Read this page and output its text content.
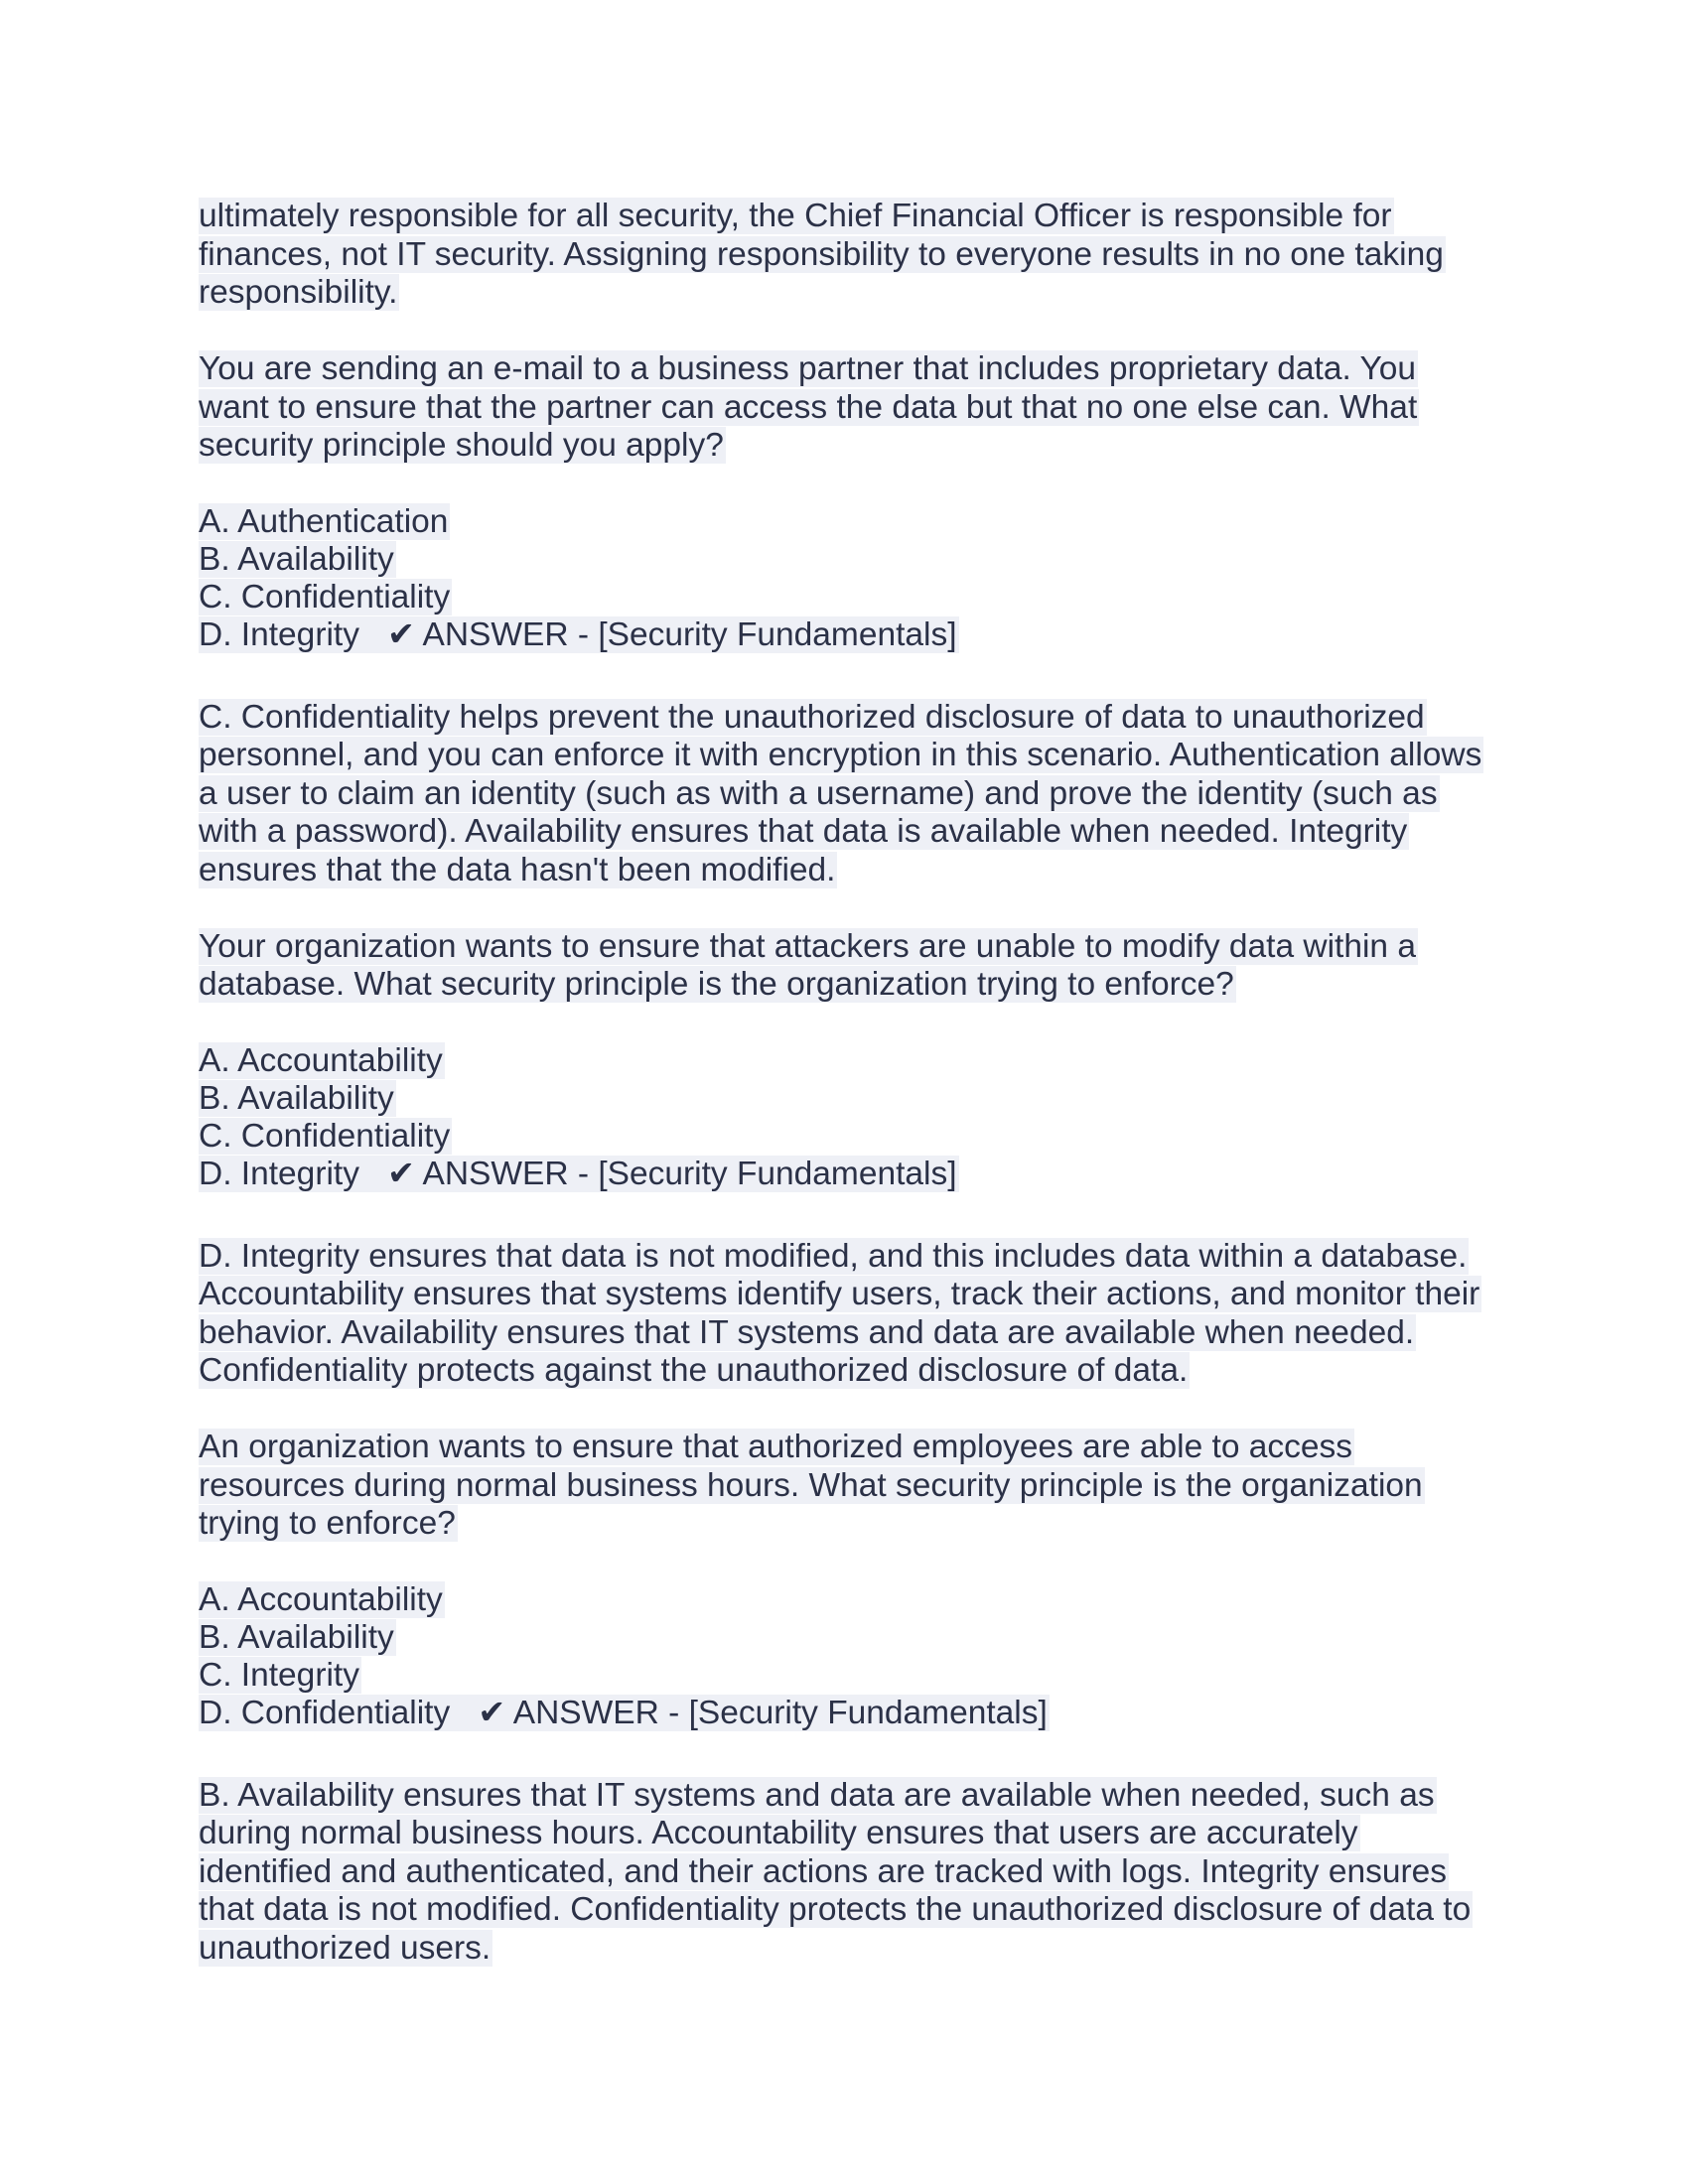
ultimately responsible for all security, the Chief Financial Officer is responsible for
finances, not IT security. Assigning responsibility to everyone results in no one taking
responsibility.
You are sending an e-mail to a business partner that includes proprietary data. You
want to ensure that the partner can access the data but that no one else can. What
security principle should you apply?
A. Authentication
B. Availability
C. Confidentiality
D. Integrity ✔ ANSWER - [Security Fundamentals]
C. Confidentiality helps prevent the unauthorized disclosure of data to unauthorized
personnel, and you can enforce it with encryption in this scenario. Authentication allows
a user to claim an identity (such as with a username) and prove the identity (such as
with a password). Availability ensures that data is available when needed. Integrity
ensures that the data hasn't been modified.
Your organization wants to ensure that attackers are unable to modify data within a
database. What security principle is the organization trying to enforce?
A. Accountability
B. Availability
C. Confidentiality
D. Integrity ✔ ANSWER - [Security Fundamentals]
D. Integrity ensures that data is not modified, and this includes data within a database.
Accountability ensures that systems identify users, track their actions, and monitor their
behavior. Availability ensures that IT systems and data are available when needed.
Confidentiality protects against the unauthorized disclosure of data.
An organization wants to ensure that authorized employees are able to access
resources during normal business hours. What security principle is the organization
trying to enforce?
A. Accountability
B. Availability
C. Integrity
D. Confidentiality ✔ ANSWER - [Security Fundamentals]
B. Availability ensures that IT systems and data are available when needed, such as
during normal business hours. Accountability ensures that users are accurately
identified and authenticated, and their actions are tracked with logs. Integrity ensures
that data is not modified. Confidentiality protects the unauthorized disclosure of data to
unauthorized users.
